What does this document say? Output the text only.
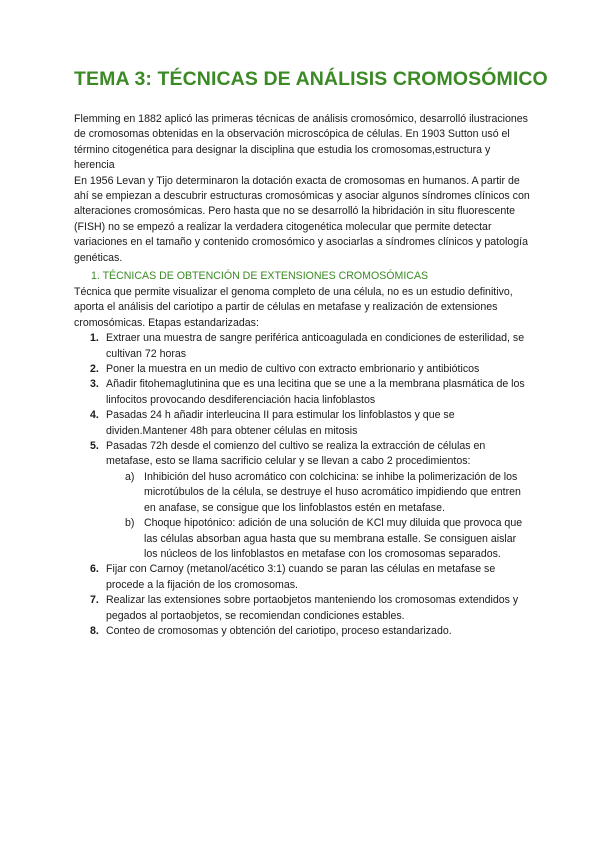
TEMA 3: TÉCNICAS DE ANÁLISIS CROMOSÓMICO

Flemming en 1882 aplicó las primeras técnicas de análisis cromosómico, desarrolló ilustraciones de cromosomas obtenidas en la observación microscópica de células. En 1903 Sutton usó el término citogenética para designar la disciplina que estudia los cromosomas,estructura y herencia

En 1956 Levan y Tijo determinaron la dotación exacta de cromosomas en humanos. A partir de ahí se empiezan a descubrir estructuras cromosómicas y asociar algunos síndromes clínicos con alteraciones cromosómicas. Pero hasta que no se desarrolló la hibridación in situ fluorescente (FISH) no se empezó a realizar la verdadera citogenética molecular que permite detectar variaciones en el tamaño y contenido cromosómico y asociarlas a síndromes clínicos y patología genéticas.

1. TÉCNICAS DE OBTENCIÓN DE EXTENSIONES CROMOSÓMICAS

Técnica que permite visualizar el genoma completo de una célula, no es un estudio definitivo, aporta el análisis del cariotipo a partir de células en metafase y realización de extensiones cromosómicas. Etapas estandarizadas:

1. Extraer una muestra de sangre periférica anticoagulada en condiciones de esterilidad, se cultivan 72 horas
2. Poner la muestra en un medio de cultivo con extracto embrionario y antibióticos
3. Añadir fitohemaglutinina que es una lecitina que se une a la membrana plasmática de los linfocitos provocando desdiferenciación hacia linfoblastos
4. Pasadas 24 h añadir interleucina II para estimular los linfoblastos y que se dividen.Mantener 48h para obtener células en mitosis
5. Pasadas 72h desde el comienzo del cultivo se realiza la extracción de células en metafase, esto se llama sacrificio celular y se llevan a cabo 2 procedimientos:
a) Inhibición del huso acromático con colchicina: se inhibe la polimerización de los microtúbulos de la célula, se destruye el huso acromático impidiendo que entren en anafase, se consigue que los linfoblastos estén en metafase.
b) Choque hipotónico: adición de una solución de KCl muy diluida que provoca que las células absorban agua hasta que su membrana estalle. Se consiguen aislar los núcleos de los linfoblastos en metafase con los cromosomas separados.
6. Fijar con Carnoy (metanol/acético 3:1) cuando se paran las células en metafase se procede a la fijación de los cromosomas.
7. Realizar las extensiones sobre portaobjetos manteniendo los cromosomas extendidos y pegados al portaobjetos, se recomiendan condiciones estables.
8. Conteo de cromosomas y obtención del cariotipo, proceso estandarizado.
